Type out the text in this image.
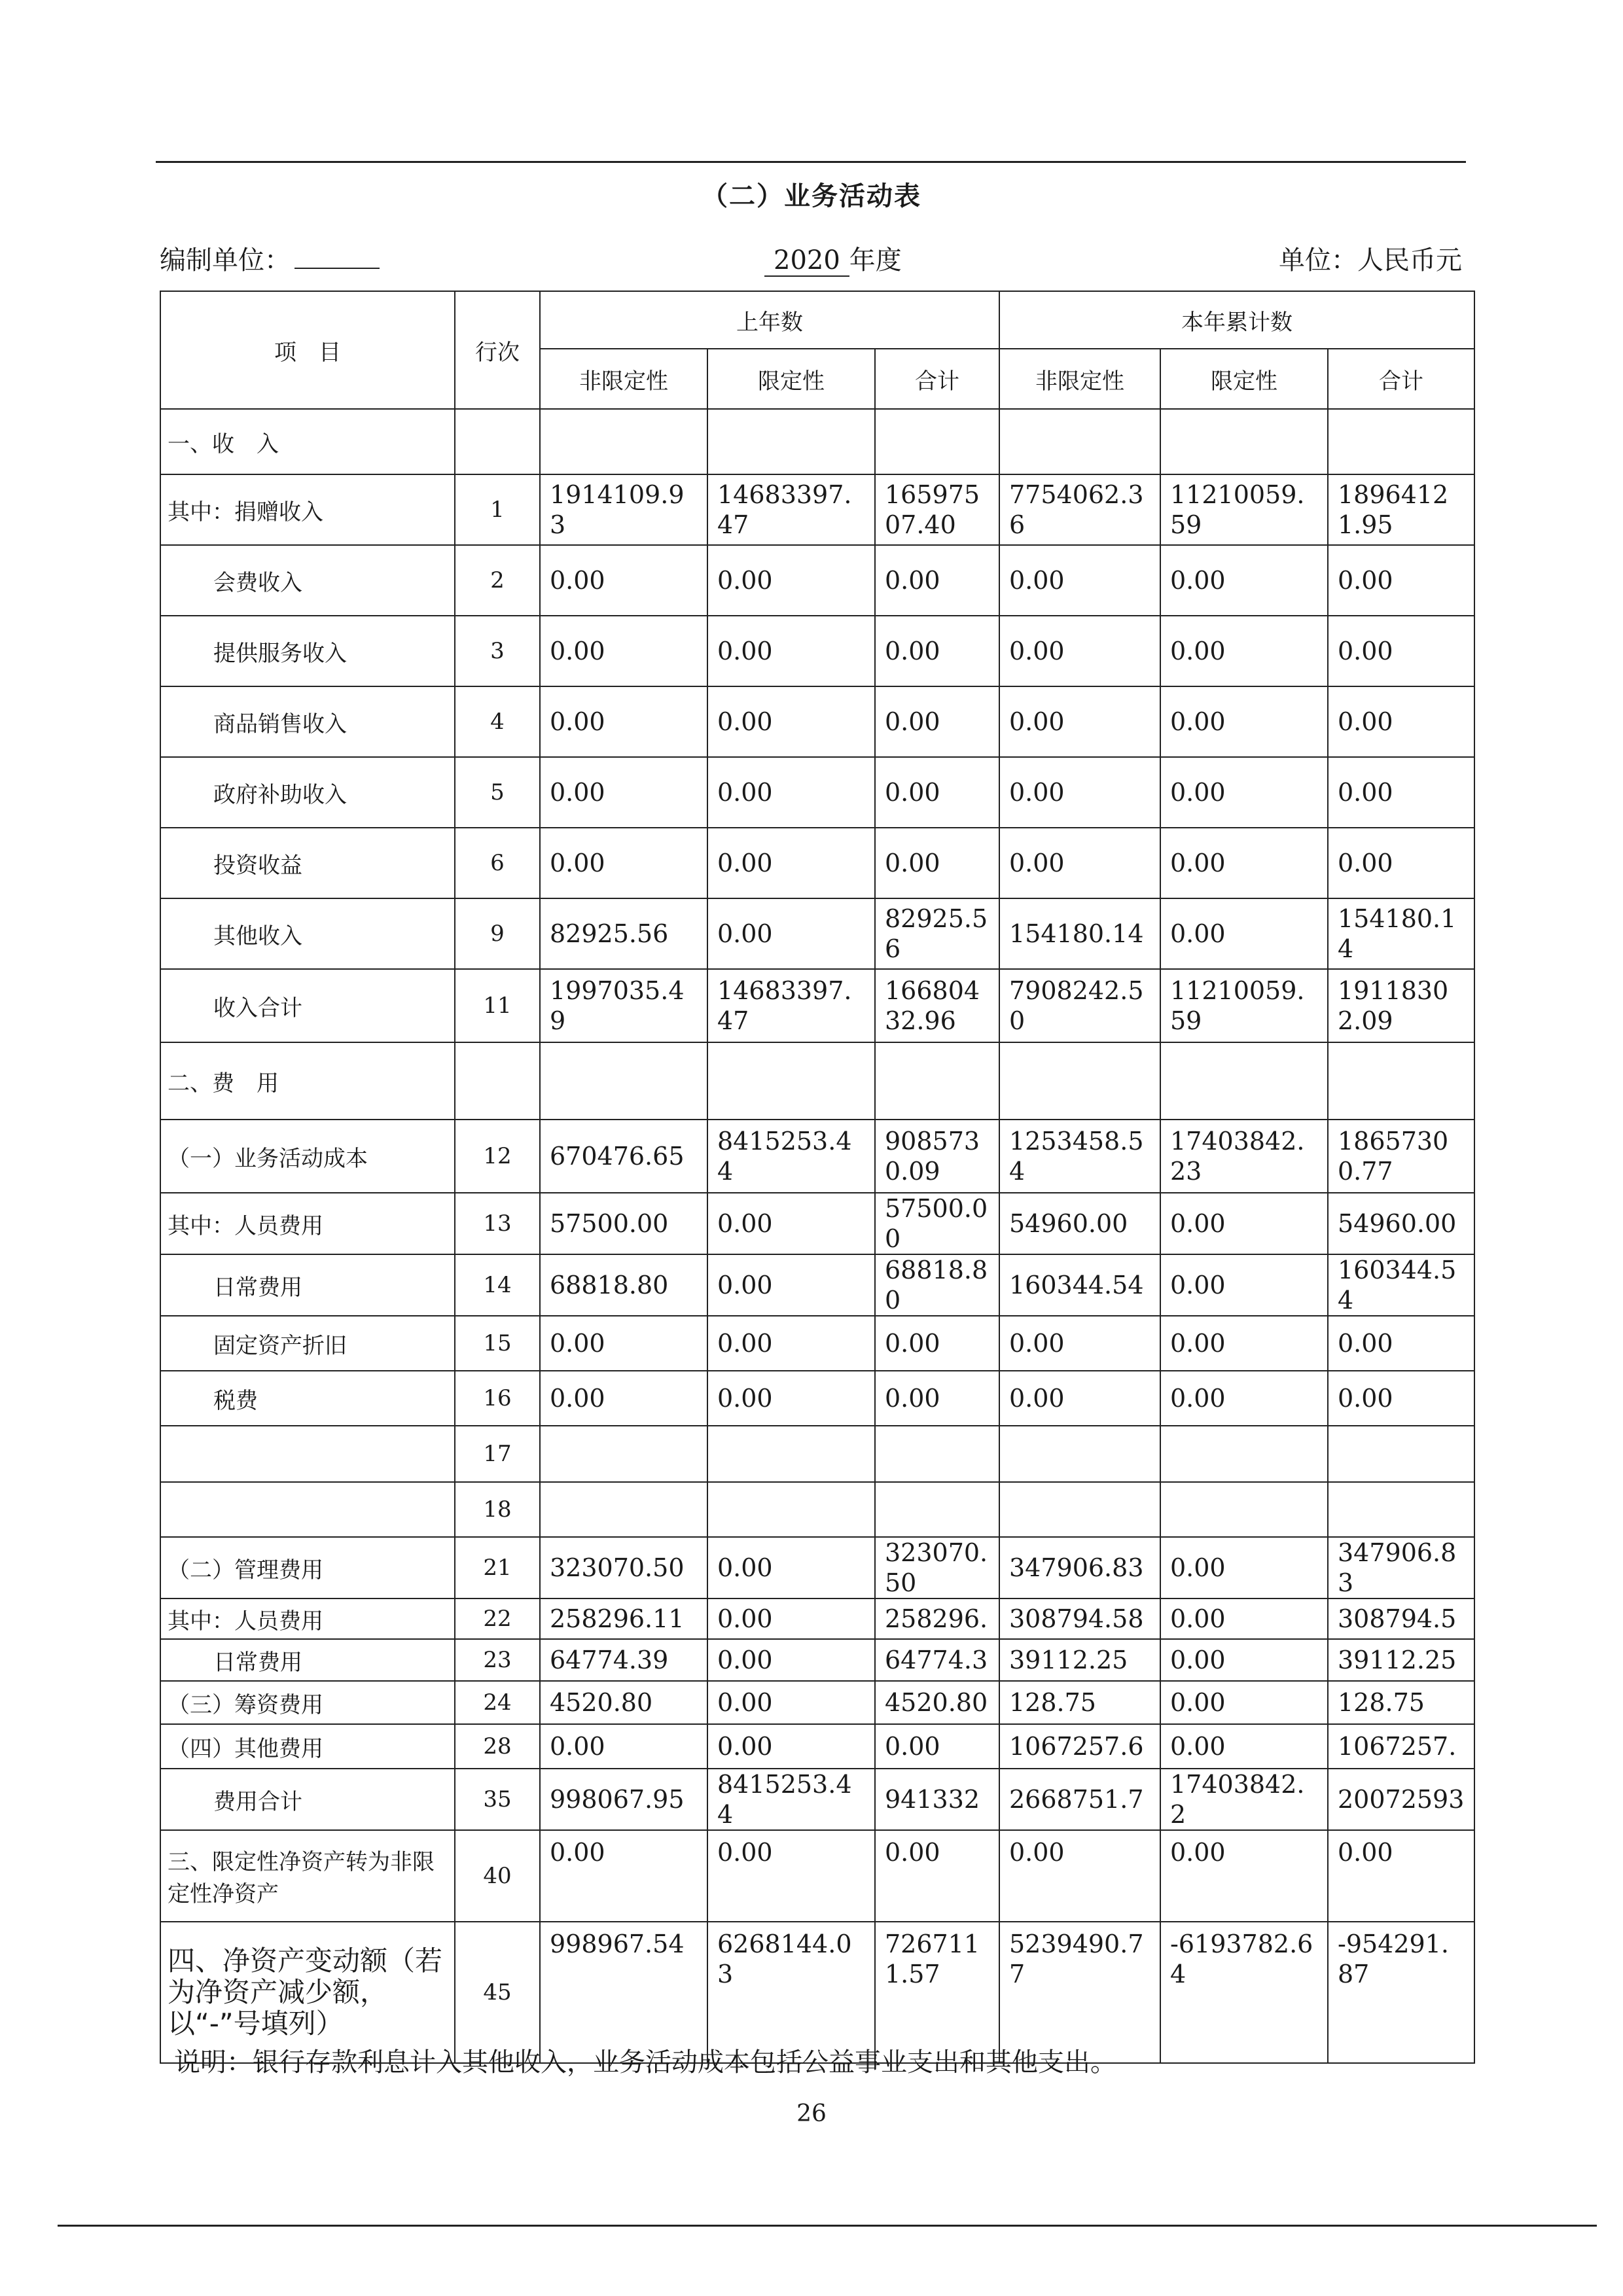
（二）业务活动表
编制单位：	2020 年度	单位：人民币元
项　目	行次	上年数			本年累计数		
		非限定性	限定性	合计	非限定性	限定性	合计
一、收　入							
其中：捐赠收入	1	1914109.93	14683397.47	16597507.40	7754062.36	11210059.59	18964121.95
会费收入	2	0.00	0.00	0.00	0.00	0.00	0.00
提供服务收入	3	0.00	0.00	0.00	0.00	0.00	0.00
商品销售收入	4	0.00	0.00	0.00	0.00	0.00	0.00
政府补助收入	5	0.00	0.00	0.00	0.00	0.00	0.00
投资收益	6	0.00	0.00	0.00	0.00	0.00	0.00
其他收入	9	82925.56	0.00	82925.56	154180.14	0.00	154180.14
收入合计	11	1997035.49	14683397.47	16680432.96	7908242.50	11210059.59	19118302.09
二、费　用							
（一）业务活动成本	12	670476.65	8415253.44	9085730.09	1253458.54	17403842.23	18657300.77
其中：人员费用	13	57500.00	0.00	57500.00	54960.00	0.00	54960.00
日常费用	14	68818.80	0.00	68818.80	160344.54	0.00	160344.54
固定资产折旧	15	0.00	0.00	0.00	0.00	0.00	0.00
税费	16	0.00	0.00	0.00	0.00	0.00	0.00
	17						
	18						
（二）管理费用	21	323070.50	0.00	323070.50	347906.83	0.00	347906.83
其中：人员费用	22	258296.11	0.00	258296.	308794.58	0.00	308794.5
日常费用	23	64774.39	0.00	64774.3	39112.25	0.00	39112.25
（三）筹资费用	24	4520.80	0.00	4520.80	128.75	0.00	128.75
（四）其他费用	28	0.00	0.00	0.00	1067257.6	0.00	1067257.
费用合计	35	998067.95	8415253.44	941332	2668751.7	17403842.2	20072593
三、限定性净资产转为非限定性净资产	40	0.00	0.00	0.00	0.00	0.00	0.00
四、净资产变动额（若为净资产减少额，以“-”号填列）	45	998967.54	6268144.03	7267111.57	5239490.77	-6193782.64	-954291.87
说明：银行存款利息计入其他收入，业务活动成本包括公益事业支出和其他支出。
26
